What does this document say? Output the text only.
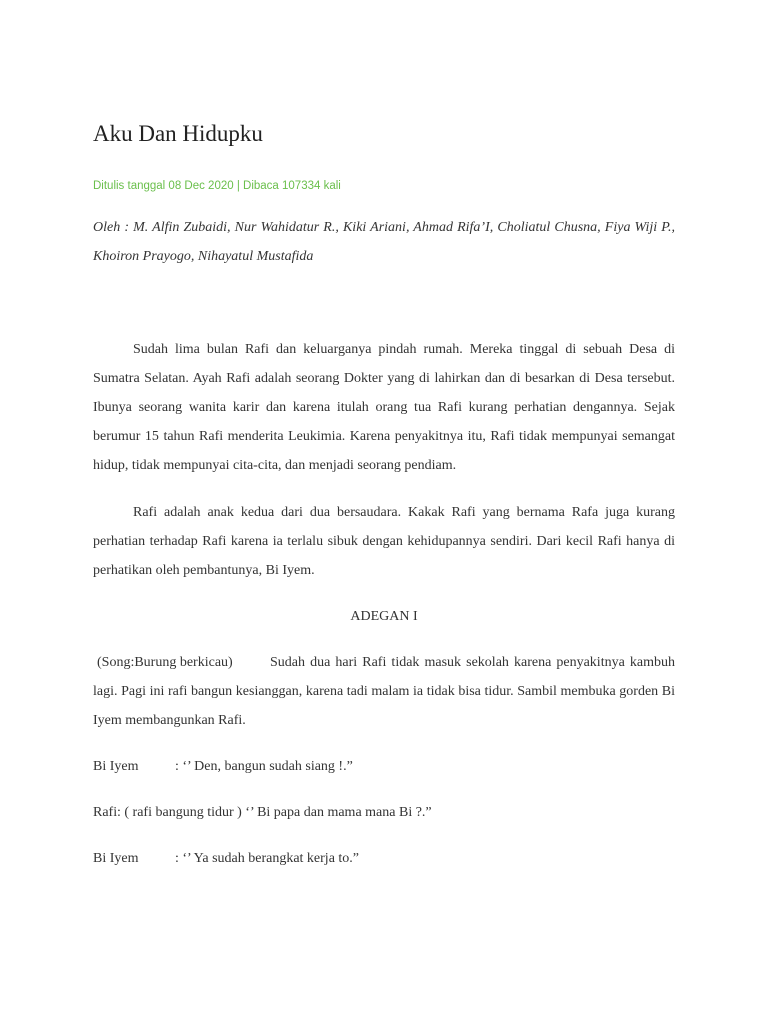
Aku Dan Hidupku

Ditulis tanggal 08 Dec 2020 | Dibaca 107334 kali

Oleh : M. Alfin Zubaidi, Nur Wahidatur R., Kiki Ariani, Ahmad Rifa’I, Choliatul Chusna, Fiya Wiji P., Khoiron Prayogo, Nihayatul Mustafida

Sudah lima bulan Rafi dan keluarganya pindah rumah. Mereka tinggal di sebuah Desa di Sumatra Selatan. Ayah Rafi adalah seorang Dokter yang di lahirkan dan di besarkan di Desa tersebut. Ibunya seorang wanita karir dan karena itulah orang tua Rafi kurang perhatian dengannya. Sejak berumur 15 tahun Rafi menderita Leukimia. Karena penyakitnya itu, Rafi tidak mempunyai semangat hidup, tidak mempunyai cita-cita, dan menjadi seorang pendiam.

Rafi adalah anak kedua dari dua bersaudara. Kakak Rafi yang bernama Rafa juga kurang perhatian terhadap Rafi karena ia terlalu sibuk dengan kehidupannya sendiri. Dari kecil Rafi hanya di perhatikan oleh pembantunya, Bi Iyem.

ADEGAN I

(Song:Burung berkicau)	Sudah dua hari Rafi tidak masuk sekolah karena penyakitnya kambuh lagi. Pagi ini rafi bangun kesianggan, karena tadi malam ia tidak bisa tidur. Sambil membuka gorden Bi Iyem membangunkan Rafi.

Bi Iyem	: ‘’ Den, bangun sudah siang !.”

Rafi: ( rafi bangung tidur ) ‘’ Bi papa dan mama mana Bi ?.”

Bi Iyem	: ‘’ Ya sudah berangkat kerja to.”
